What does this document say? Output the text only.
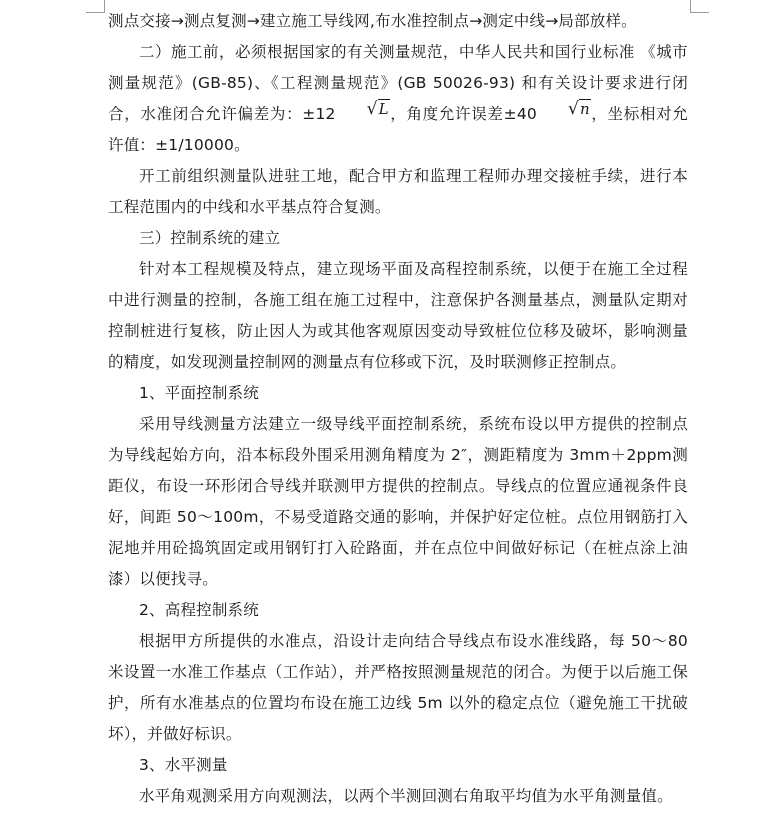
测点交接→测点复测→建立施工导线网,布水准控制点→测定中线→局部放样。

二）施工前，必须根据国家的有关测量规范，中华人民共和国行业标准 《城市测量规范》(GB-85)、《工程测量规范》(GB 50026-93) 和有关设计要求进行闭合，水准闭合允许偏差为：±12 √L，角度允许误差±40 √n，坐标相对允许值：±1/10000。

开工前组织测量队进驻工地，配合甲方和监理工程师办理交接桩手续，进行本工程范围内的中线和水平基点符合复测。

三）控制系统的建立

针对本工程规模及特点，建立现场平面及高程控制系统，以便于在施工全过程中进行测量的控制，各施工组在施工过程中，注意保护各测量基点，测量队定期对控制桩进行复核，防止因人为或其他客观原因变动导致桩位位移及破坏，影响测量的精度，如发现测量控制网的测量点有位移或下沉，及时联测修正控制点。

1、平面控制系统

采用导线测量方法建立一级导线平面控制系统，系统布设以甲方提供的控制点为导线起始方向，沿本标段外围采用测角精度为 2″，测距精度为 3mm＋2ppm测距仪，布设一环形闭合导线并联测甲方提供的控制点。导线点的位置应通视条件良好，间距 50～100m，不易受道路交通的影响，并保护好定位桩。点位用钢筋打入泥地并用砼捣筑固定或用钢钉打入砼路面，并在点位中间做好标记（在桩点涂上油漆）以便找寻。

2、高程控制系统

根据甲方所提供的水准点，沿设计走向结合导线点布设水准线路，每 50～80 米设置一水准工作基点（工作站），并严格按照测量规范的闭合。为便于以后施工保护，所有水准基点的位置均布设在施工边线 5m 以外的稳定点位（避免施工干扰破坏），并做好标识。

3、水平测量

水平角观测采用方向观测法，以两个半测回测右角取平均值为水平角测量值。
